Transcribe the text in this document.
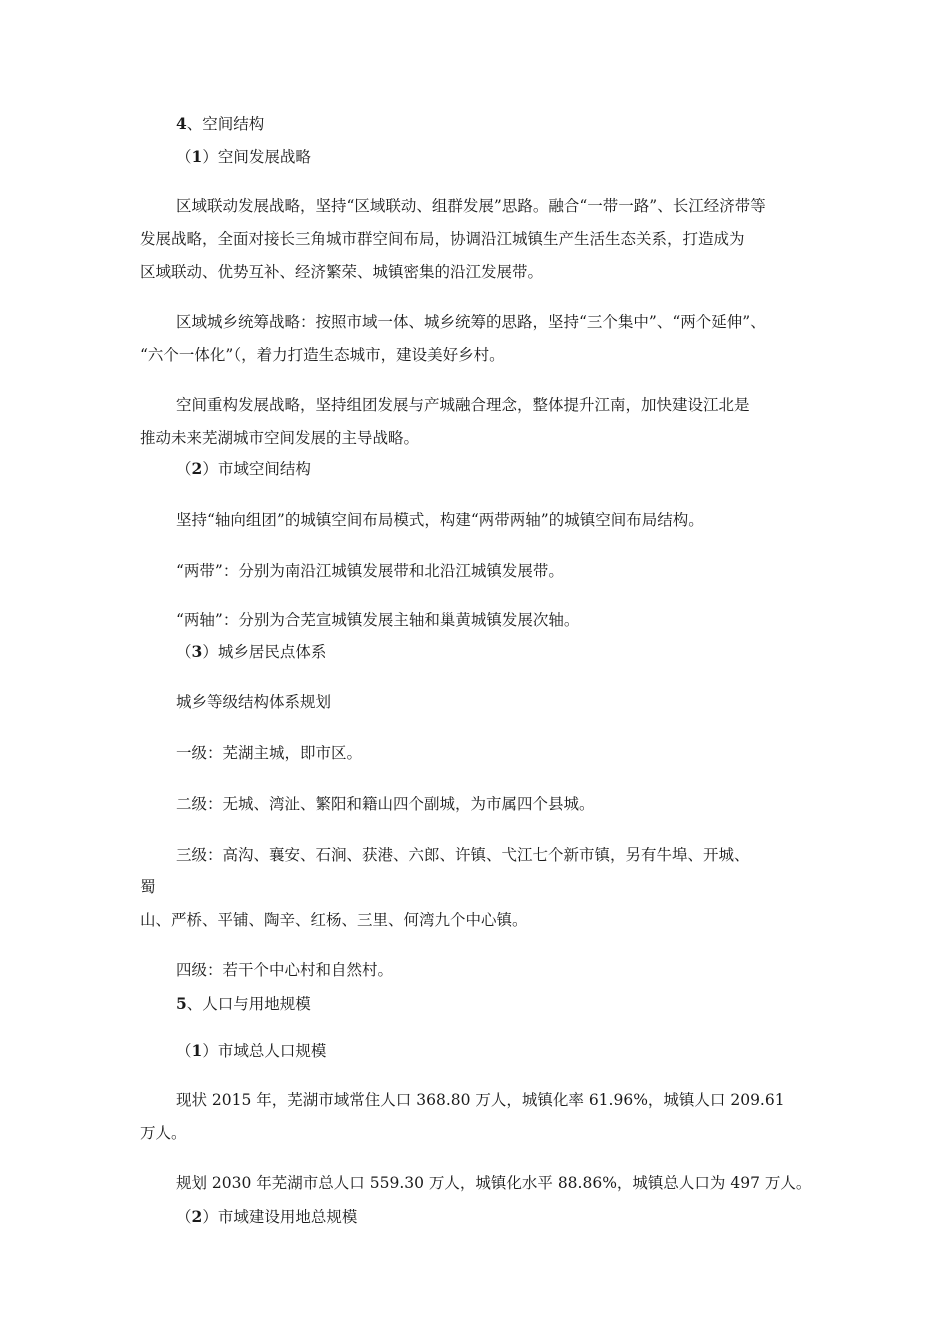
4、空间结构
（1）空间发展战略
区域联动发展战略，坚持“区域联动、组群发展”思路。融合“一带一路”、长江经济带等
发展战略，全面对接长三角城市群空间布局，协调沿江城镇生产生活生态关系，打造成为
区域联动、优势互补、经济繁荣、城镇密集的沿江发展带。
区域城乡统筹战略：按照市域一体、城乡统筹的思路，坚持“三个集中”、“两个延伸”、
“六个一体化”（，着力打造生态城市，建设美好乡村。
空间重构发展战略，坚持组团发展与产城融合理念，整体提升江南，加快建设江北是
推动未来芜湖城市空间发展的主导战略。
（2）市域空间结构
坚持“轴向组团”的城镇空间布局模式，构建“两带两轴”的城镇空间布局结构。
“两带”：分别为南沿江城镇发展带和北沿江城镇发展带。
“两轴”：分别为合芜宣城镇发展主轴和巢黄城镇发展次轴。
（3）城乡居民点体系
城乡等级结构体系规划
一级：芜湖主城，即市区。
二级：无城、湾沚、繁阳和籍山四个副城，为市属四个县城。
三级：高沟、襄安、石涧、获港、六郎、许镇、弋江七个新市镇，另有牛埠、开城、
蜀
山、严桥、平铺、陶辛、红杨、三里、何湾九个中心镇。
四级：若干个中心村和自然村。
5、人口与用地规模
（1）市域总人口规模
现状 2015 年，芜湖市域常住人口 368.80 万人，城镇化率 61.96%，城镇人口 209.61
万人。
规划 2030 年芜湖市总人口 559.30 万人，城镇化水平 88.86%，城镇总人口为 497 万人。
（2）市域建设用地总规模
